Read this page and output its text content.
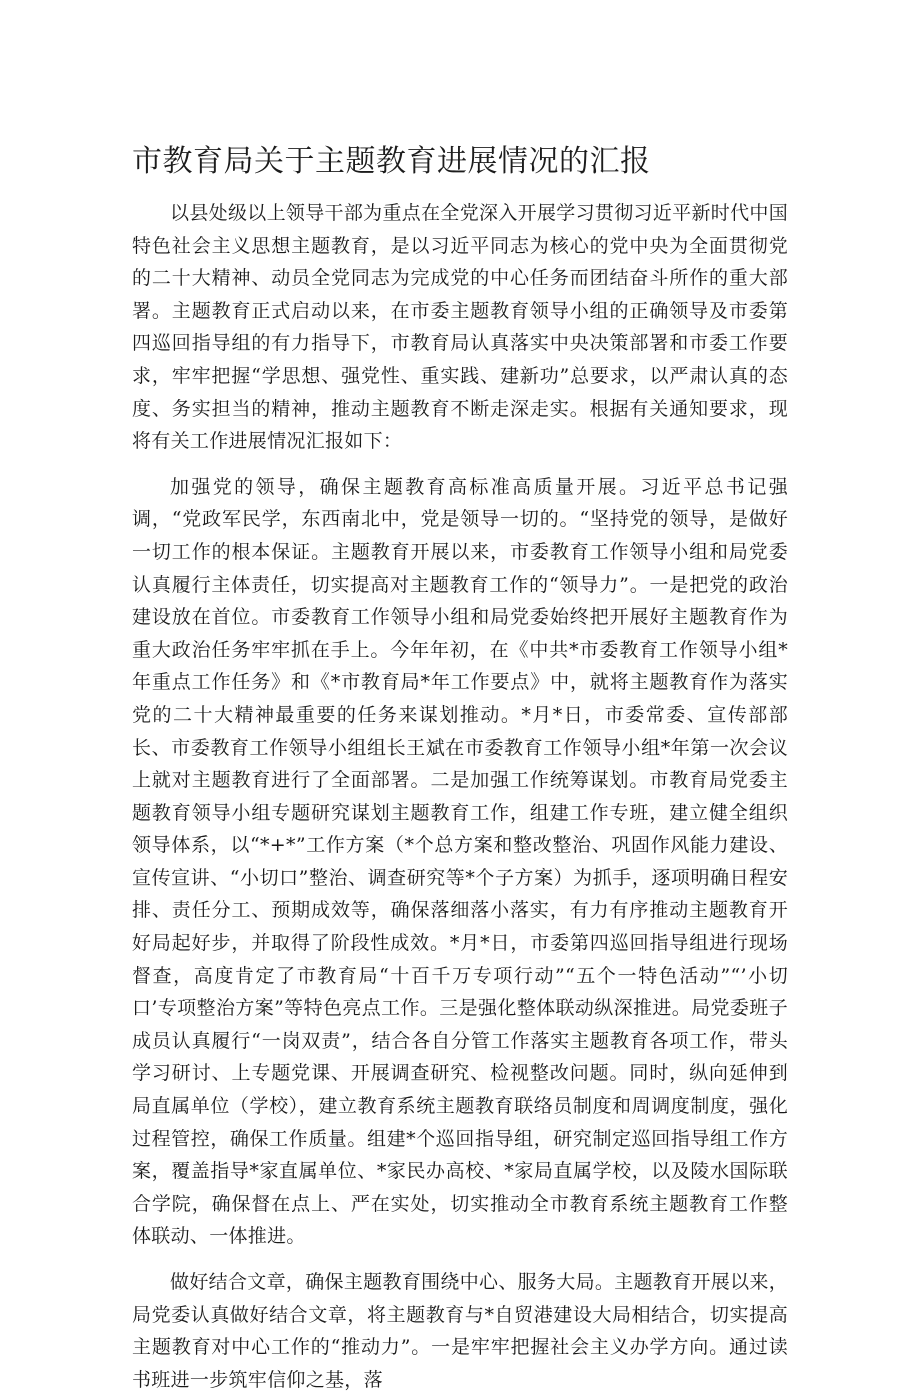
市教育局关于主题教育进展情况的汇报

以县处级以上领导干部为重点在全党深入开展学习贯彻习近平新时代中国特色社会主义思想主题教育，是以习近平同志为核心的党中央为全面贯彻党的二十大精神、动员全党同志为完成党的中心任务而团结奋斗所作的重大部署。主题教育正式启动以来，在市委主题教育领导小组的正确领导及市委第四巡回指导组的有力指导下，市教育局认真落实中央决策部署和市委工作要求，牢牢把握“学思想、强党性、重实践、建新功”总要求，以严肃认真的态度、务实担当的精神，推动主题教育不断走深走实。根据有关通知要求，现将有关工作进展情况汇报如下：

加强党的领导，确保主题教育高标准高质量开展。习近平总书记强调，“党政军民学，东西南北中，党是领导一切的。“坚持党的领导，是做好一切工作的根本保证。主题教育开展以来，市委教育工作领导小组和局党委认真履行主体责任，切实提高对主题教育工作的“领导力”。一是把党的政治建设放在首位。市委教育工作领导小组和局党委始终把开展好主题教育作为重大政治任务牢牢抓在手上。今年年初，在《中共*市委教育工作领导小组*年重点工作任务》和《*市教育局*年工作要点》中，就将主题教育作为落实党的二十大精神最重要的任务来谋划推动。*月*日，市委常委、宣传部部长、市委教育工作领导小组组长王斌在市委教育工作领导小组*年第一次会议上就对主题教育进行了全面部署。二是加强工作统筹谋划。市教育局党委主题教育领导小组专题研究谋划主题教育工作，组建工作专班，建立健全组织领导体系，以“*+*”工作方案（*个总方案和整改整治、巩固作风能力建设、宣传宣讲、“小切口”整治、调查研究等*个子方案）为抓手，逐项明确日程安排、责任分工、预期成效等，确保落细落小落实，有力有序推动主题教育开好局起好步，并取得了阶段性成效。*月*日，市委第四巡回指导组进行现场督查，高度肯定了市教育局“十百千万专项行动”“五个一特色活动”“’小切口’专项整治方案”等特色亮点工作。三是强化整体联动纵深推进。局党委班子成员认真履行“一岗双责”，结合各自分管工作落实主题教育各项工作，带头学习研讨、上专题党课、开展调查研究、检视整改问题。同时，纵向延伸到局直属单位（学校），建立教育系统主题教育联络员制度和周调度制度，强化过程管控，确保工作质量。组建*个巡回指导组，研究制定巡回指导组工作方案，覆盖指导*家直属单位、*家民办高校、*家局直属学校，以及陵水国际联合学院，确保督在点上、严在实处，切实推动全市教育系统主题教育工作整体联动、一体推进。

做好结合文章，确保主题教育围绕中心、服务大局。主题教育开展以来，局党委认真做好结合文章，将主题教育与*自贸港建设大局相结合，切实提高主题教育对中心工作的“推动力”。一是牢牢把握社会主义办学方向。通过读书班进一步筑牢信仰之基，落
